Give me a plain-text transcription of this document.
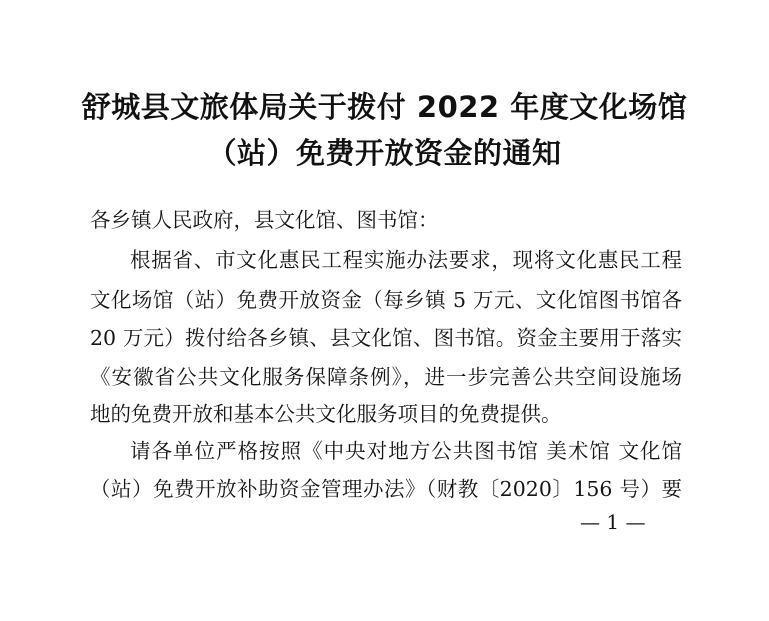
舒城县文旅体局关于拨付 2022 年度文化场馆
（站）免费开放资金的通知
各乡镇人民政府，县文化馆、图书馆：
根据省、市文化惠民工程实施办法要求，现将文化惠民工程
文化场馆（站）免费开放资金（每乡镇 5 万元、文化馆图书馆各
20 万元）拨付给各乡镇、县文化馆、图书馆。资金主要用于落实
《安徽省公共文化服务保障条例》，进一步完善公共空间设施场
地的免费开放和基本公共文化服务项目的免费提供。
请各单位严格按照《中央对地方公共图书馆 美术馆 文化馆
（站）免费开放补助资金管理办法》（财教〔2020〕156 号）要
— 1 —
